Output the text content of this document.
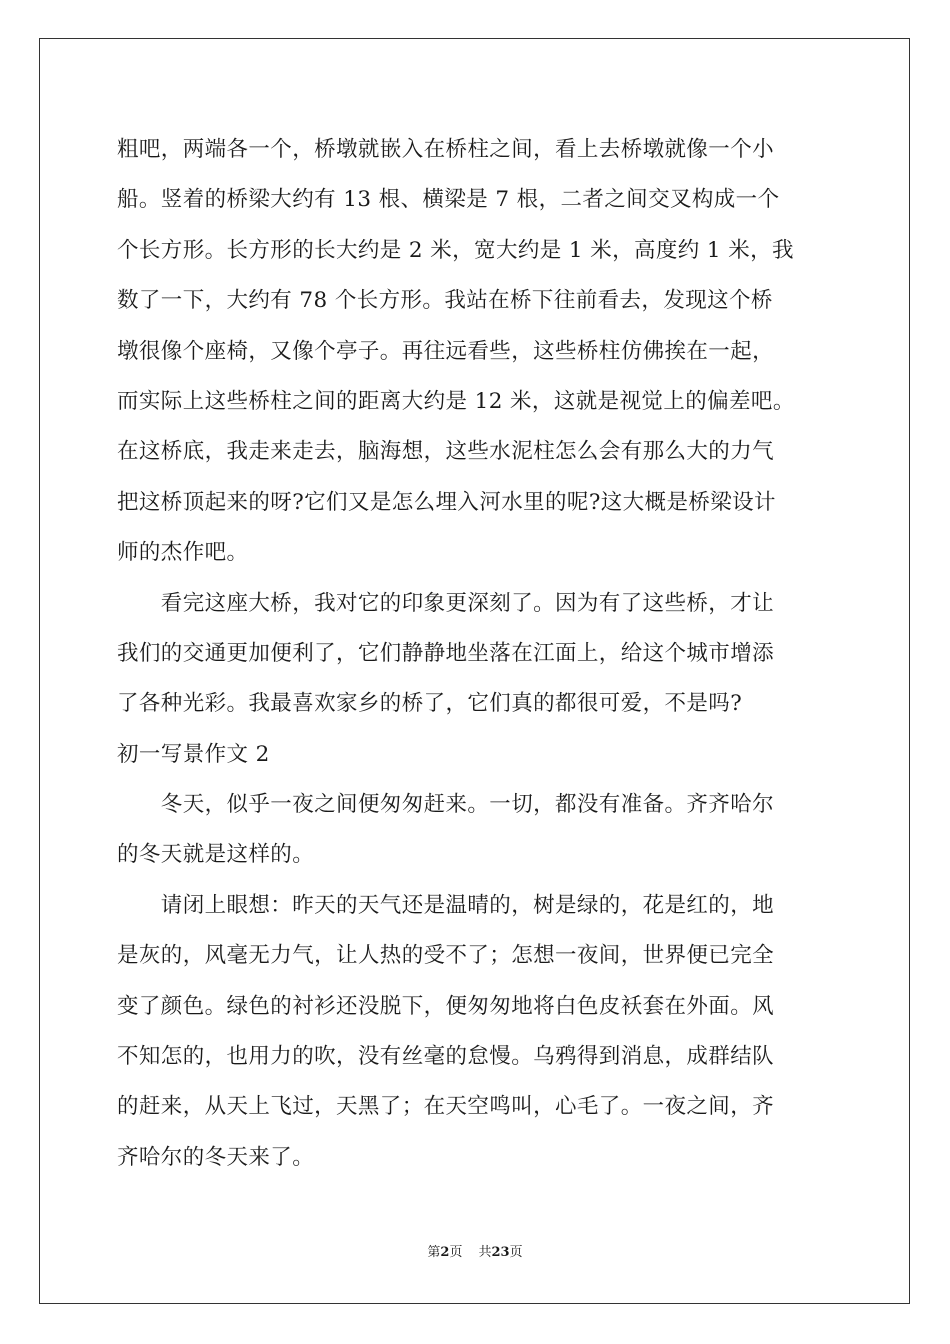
粗吧，两端各一个，桥墩就嵌入在桥柱之间，看上去桥墩就像一个小
船。竖着的桥梁大约有 13 根、横梁是 7 根，二者之间交叉构成一个
个长方形。长方形的长大约是 2 米，宽大约是 1 米，高度约 1 米，我
数了一下，大约有 78 个长方形。我站在桥下往前看去，发现这个桥
墩很像个座椅，又像个亭子。再往远看些，这些桥柱仿佛挨在一起，
而实际上这些桥柱之间的距离大约是 12 米，这就是视觉上的偏差吧。
在这桥底，我走来走去，脑海想，这些水泥柱怎么会有那么大的力气
把这桥顶起来的呀?它们又是怎么埋入河水里的呢?这大概是桥梁设计
师的杰作吧。
　　看完这座大桥，我对它的印象更深刻了。因为有了这些桥，才让
我们的交通更加便利了，它们静静地坐落在江面上，给这个城市增添
了各种光彩。我最喜欢家乡的桥了，它们真的都很可爱，不是吗?
初一写景作文 2
　　冬天，似乎一夜之间便匆匆赶来。一切，都没有准备。齐齐哈尔
的冬天就是这样的。
　　请闭上眼想：昨天的天气还是温晴的，树是绿的，花是红的，地
是灰的，风毫无力气，让人热的受不了；怎想一夜间，世界便已完全
变了颜色。绿色的衬衫还没脱下，便匆匆地将白色皮袄套在外面。风
不知怎的，也用力的吹，没有丝毫的怠慢。乌鸦得到消息，成群结队
的赶来，从天上飞过，天黑了；在天空鸣叫，心毛了。一夜之间，齐
齐哈尔的冬天来了。
第2页 共23页
